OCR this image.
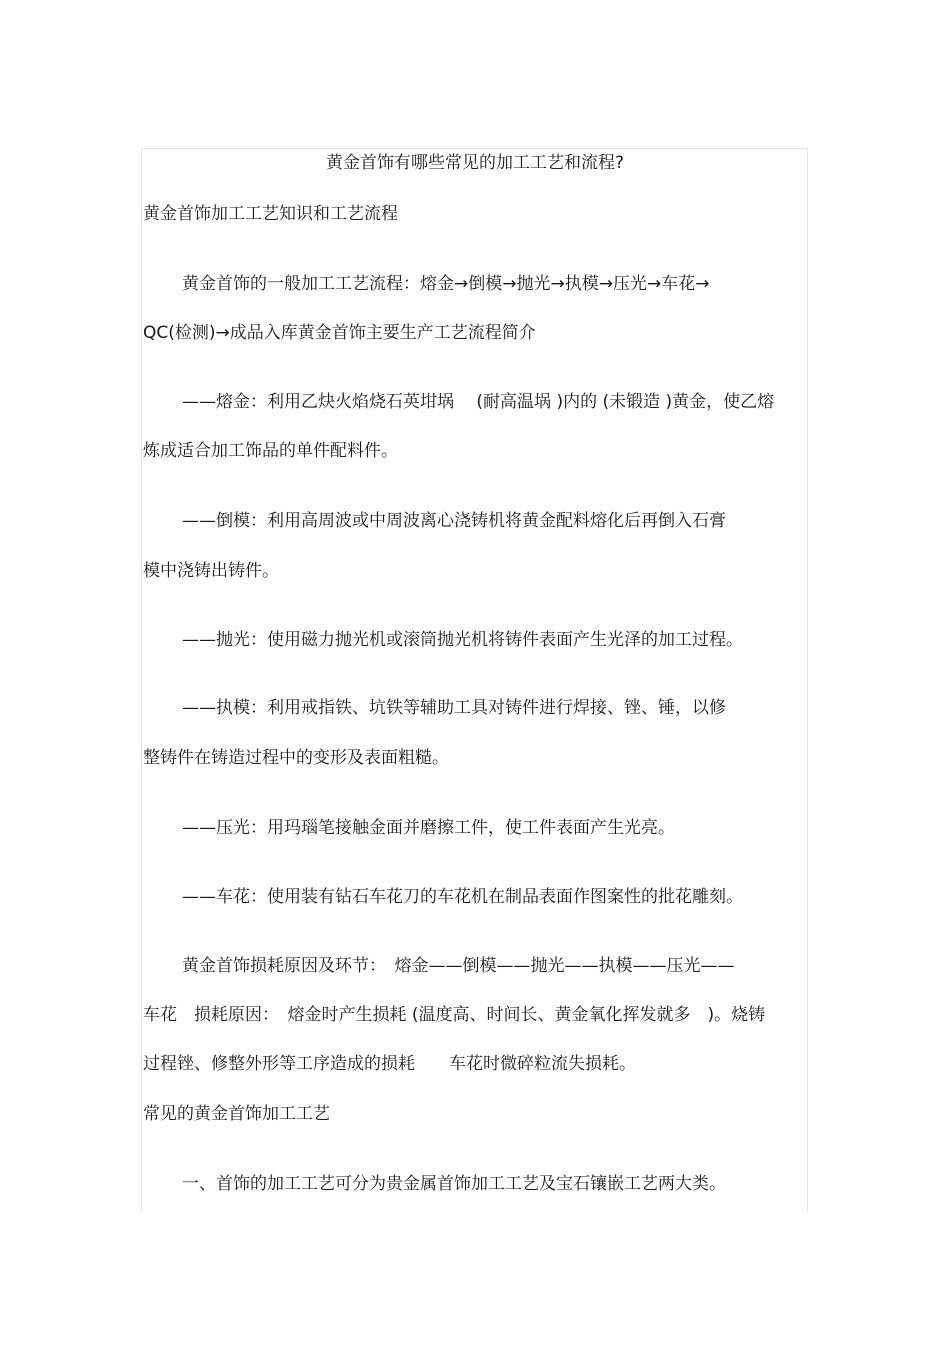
黄金首饰有哪些常见的加工工艺和流程?
黄金首饰加工工艺知识和工艺流程
黄金首饰的一般加工工艺流程：熔金→倒模→抛光→执模→压光→车花→
QC(检测)→成品入库黄金首饰主要生产工艺流程简介
——熔金：利用乙炔火焰烧石英坩埚　 (耐高温埚 )内的 (未锻造 )黄金，使乙熔
炼成适合加工饰品的单件配料件。
——倒模：利用高周波或中周波离心浇铸机将黄金配料熔化后再倒入石膏
模中浇铸出铸件。
——抛光：使用磁力抛光机或滚筒抛光机将铸件表面产生光泽的加工过程。
——执模：利用戒指铁、坑铁等辅助工具对铸件进行焊接、锉、锤，以修
整铸件在铸造过程中的变形及表面粗糙。
——压光：用玛瑙笔接触金面并磨擦工件，使工件表面产生光亮。
——车花：使用装有钻石车花刀的车花机在制品表面作图案性的批花雕刻。
黄金首饰损耗原因及环节：　熔金——倒模——抛光——执模——压光——
车花　损耗原因：　熔金时产生损耗 (温度高、时间长、黄金氧化挥发就多　)。烧铸
过程锉、修整外形等工序造成的损耗　　车花时微碎粒流失损耗。
常见的黄金首饰加工工艺
一、首饰的加工工艺可分为贵金属首饰加工工艺及宝石镶嵌工艺两大类。
